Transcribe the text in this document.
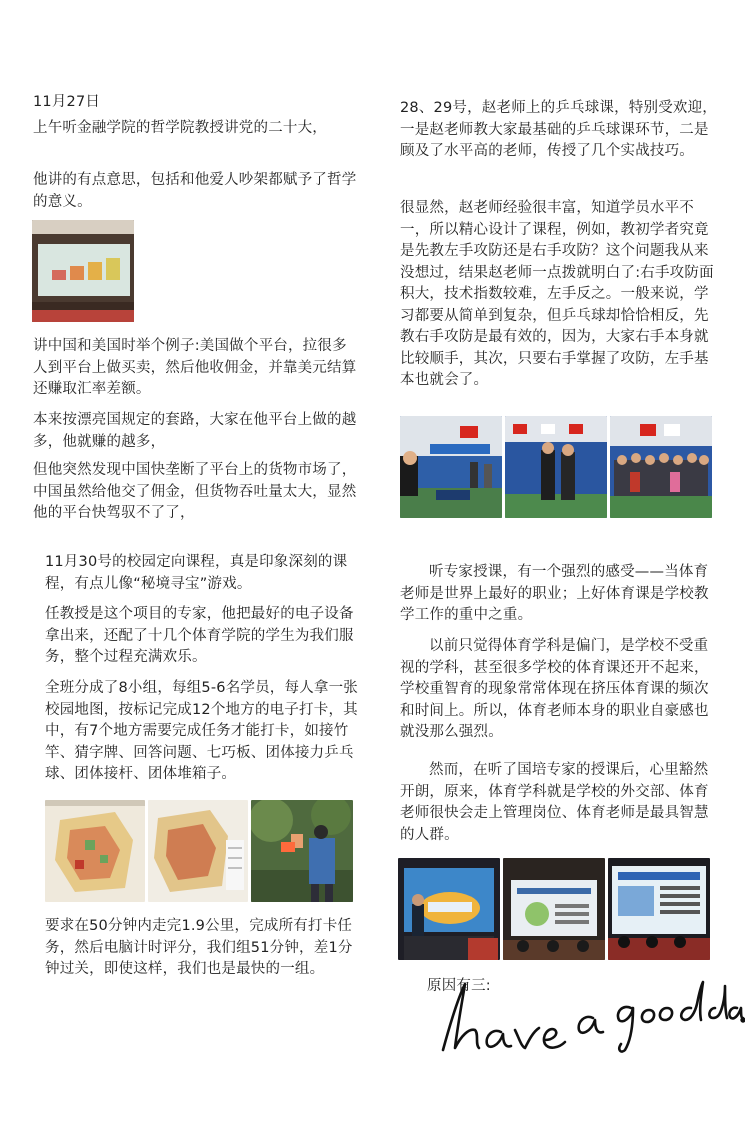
11月27日

上午听金融学院的哲学院教授讲党的二十大，

他讲的有点意思，包括和他爱人吵架都赋予了哲学的意义。

讲中国和美国时举个例子:美国做个平台，拉很多人到平台上做买卖，然后他收佣金，并靠美元结算还赚取汇率差额。

本来按漂亮国规定的套路，大家在他平台上做的越多，他就赚的越多，

但他突然发现中国快垄断了平台上的货物市场了，中国虽然给他交了佣金，但货物吞吐量太大，显然他的平台快驾驭不了了，

11月30号的校园定向课程，真是印象深刻的课程，有点儿像“秘境寻宝”游戏。

任教授是这个项目的专家，他把最好的电子设备拿出来，还配了十几个体育学院的学生为我们服务，整个过程充满欢乐。

全班分成了8小组，每组5-6名学员，每人拿一张校园地图，按标记完成12个地方的电子打卡，其中，有7个地方需要完成任务才能打卡，如接竹竿、猜字牌、回答问题、七巧板、团体接力乒乓球、团体接杆、团体堆箱子。

要求在50分钟内走完1.9公里，完成所有打卡任务，然后电脑计时评分，我们组51分钟，差1分钟过关，即使这样，我们也是最快的一组。

28、29号，赵老师上的乒乓球课，特别受欢迎，一是赵老师教大家最基础的乒乓球课环节，二是顾及了水平高的老师，传授了几个实战技巧。

很显然，赵老师经验很丰富，知道学员水平不一，所以精心设计了课程，例如，教初学者究竟是先教左手攻防还是右手攻防？这个问题我从来没想过，结果赵老师一点拨就明白了:右手攻防面积大，技术指数较难，左手反之。一般来说，学习都要从简单到复杂，但乒乓球却恰恰相反，先教右手攻防是最有效的，因为，大家右手本身就比较顺手，其次，只要右手掌握了攻防，左手基本也就会了。

听专家授课，有一个强烈的感受——当体育老师是世界上最好的职业；上好体育课是学校教学工作的重中之重。

以前只觉得体育学科是偏门，是学校不受重视的学科，甚至很多学校的体育课还开不起来，学校重智育的现象常常体现在挤压体育课的频次和时间上。所以，体育老师本身的职业自豪感也就没那么强烈。

然而，在听了国培专家的授课后，心里豁然开朗，原来，体育学科就是学校的外交部、体育老师很快会走上管理岗位、体育老师是最具智慧的人群。

原因有三:
